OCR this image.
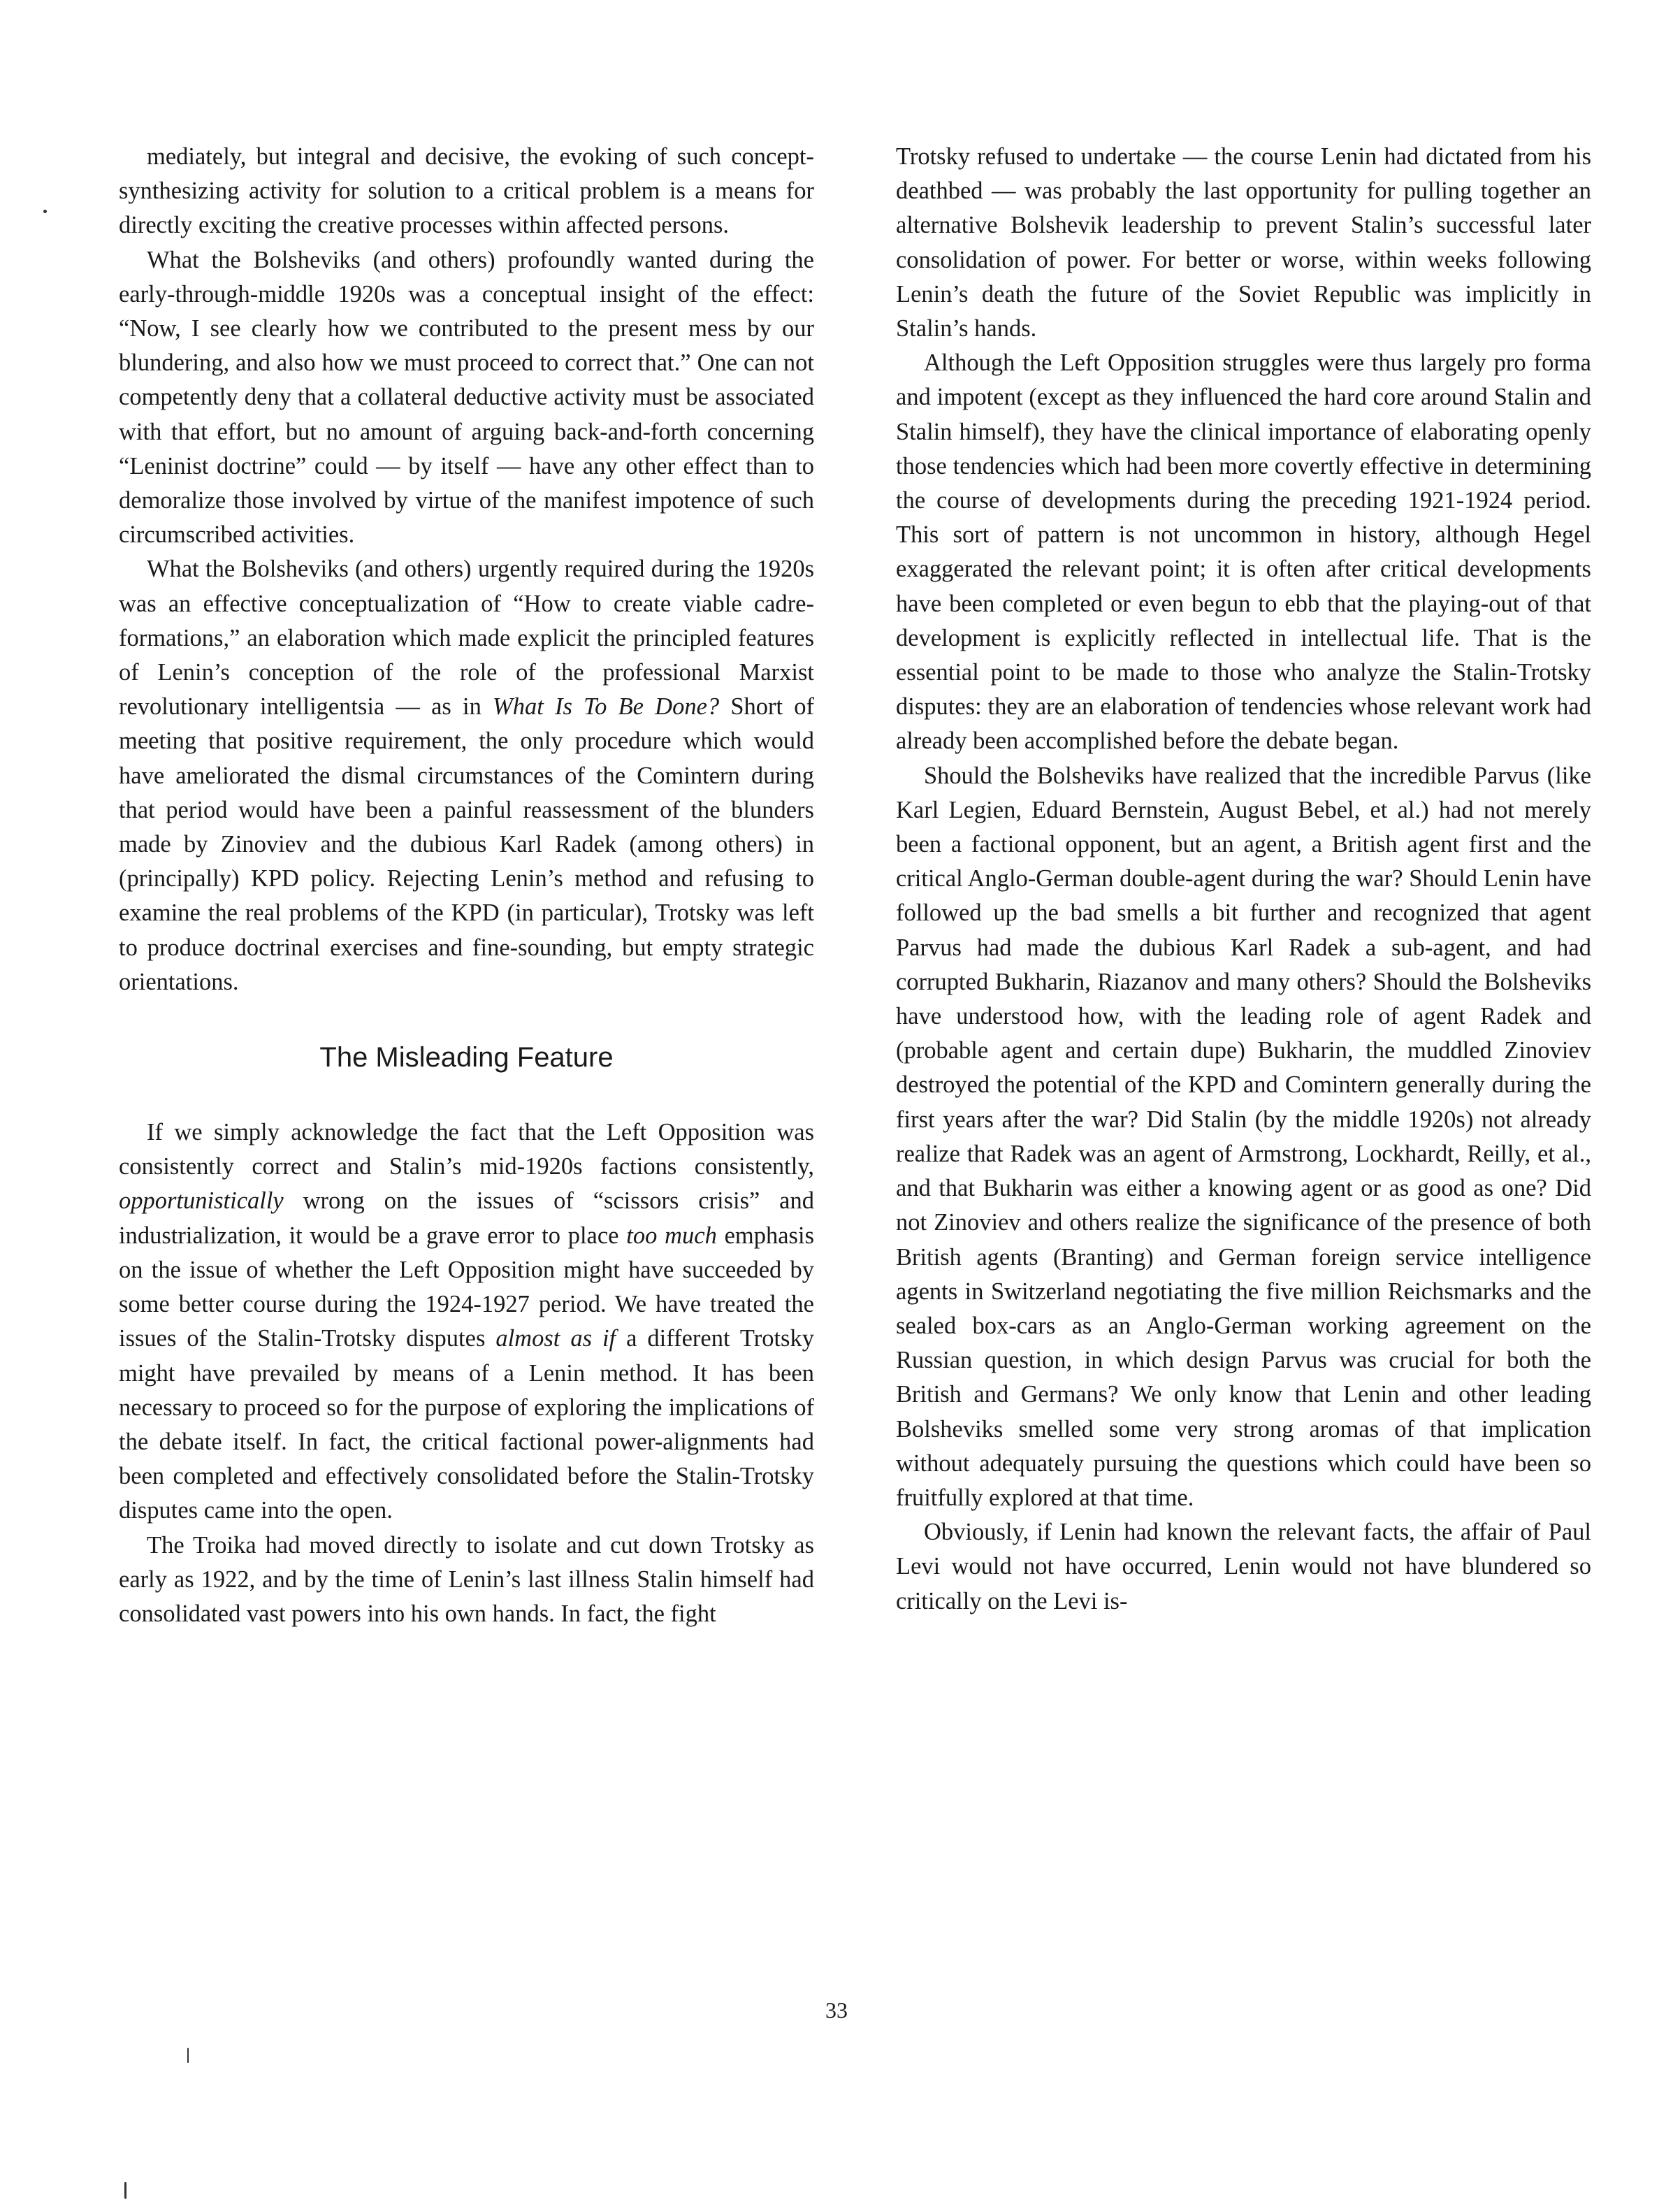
mediately, but integral and decisive, the evoking of such concept-synthesizing activity for solution to a critical problem is a means for directly exciting the creative processes within affected persons.

What the Bolsheviks (and others) profoundly wanted during the early-through-middle 1920s was a conceptual insight of the effect: “Now, I see clearly how we contributed to the present mess by our blundering, and also how we must proceed to correct that.” One can not competently deny that a collateral deductive activity must be associated with that effort, but no amount of arguing back-and-forth concerning “Leninist doctrine” could — by itself — have any other effect than to demoralize those involved by virtue of the manifest impotence of such circumscribed activities.

What the Bolsheviks (and others) urgently required during the 1920s was an effective conceptualization of “How to create viable cadre-formations,” an elaboration which made explicit the principled features of Lenin’s conception of the role of the professional Marxist revolutionary intelligentsia — as in What Is To Be Done? Short of meeting that positive requirement, the only procedure which would have ameliorated the dismal circumstances of the Comintern during that period would have been a painful reassessment of the blunders made by Zinoviev and the dubious Karl Radek (among others) in (principally) KPD policy. Rejecting Lenin’s method and refusing to examine the real problems of the KPD (in particular), Trotsky was left to produce doctrinal exercises and fine-sounding, but empty strategic orientations.

The Misleading Feature

If we simply acknowledge the fact that the Left Opposition was consistently correct and Stalin’s mid-1920s factions consistently, opportunistically wrong on the issues of “scissors crisis” and industrialization, it would be a grave error to place too much emphasis on the issue of whether the Left Opposition might have succeeded by some better course during the 1924-1927 period. We have treated the issues of the Stalin-Trotsky disputes almost as if a different Trotsky might have prevailed by means of a Lenin method. It has been necessary to proceed so for the purpose of exploring the implications of the debate itself. In fact, the critical factional power-alignments had been completed and effectively consolidated before the Stalin-Trotsky disputes came into the open.

The Troika had moved directly to isolate and cut down Trotsky as early as 1922, and by the time of Lenin’s last illness Stalin himself had consolidated vast powers into his own hands. In fact, the fight

Trotsky refused to undertake — the course Lenin had dictated from his deathbed — was probably the last opportunity for pulling together an alternative Bolshevik leadership to prevent Stalin’s successful later consolidation of power. For better or worse, within weeks following Lenin’s death the future of the Soviet Republic was implicitly in Stalin’s hands.

Although the Left Opposition struggles were thus largely pro forma and impotent (except as they influenced the hard core around Stalin and Stalin himself), they have the clinical importance of elaborating openly those tendencies which had been more covertly effective in determining the course of developments during the preceding 1921-1924 period. This sort of pattern is not uncommon in history, although Hegel exaggerated the relevant point; it is often after critical developments have been completed or even begun to ebb that the playing-out of that development is explicitly reflected in intellectual life. That is the essential point to be made to those who analyze the Stalin-Trotsky disputes: they are an elaboration of tendencies whose relevant work had already been accomplished before the debate began.

Should the Bolsheviks have realized that the incredible Parvus (like Karl Legien, Eduard Bernstein, August Bebel, et al.) had not merely been a factional opponent, but an agent, a British agent first and the critical Anglo-German double-agent during the war? Should Lenin have followed up the bad smells a bit further and recognized that agent Parvus had made the dubious Karl Radek a sub-agent, and had corrupted Bukharin, Riazanov and many others? Should the Bolsheviks have understood how, with the leading role of agent Radek and (probable agent and certain dupe) Bukharin, the muddled Zinoviev destroyed the potential of the KPD and Comintern generally during the first years after the war? Did Stalin (by the middle 1920s) not already realize that Radek was an agent of Armstrong, Lockhardt, Reilly, et al., and that Bukharin was either a knowing agent or as good as one? Did not Zinoviev and others realize the significance of the presence of both British agents (Branting) and German foreign service intelligence agents in Switzerland negotiating the five million Reichsmarks and the sealed box-cars as an Anglo-German working agreement on the Russian question, in which design Parvus was crucial for both the British and Germans? We only know that Lenin and other leading Bolsheviks smelled some very strong aromas of that implication without adequately pursuing the questions which could have been so fruitfully explored at that time.

Obviously, if Lenin had known the relevant facts, the affair of Paul Levi would not have occurred, Lenin would not have blundered so critically on the Levi is-

33
